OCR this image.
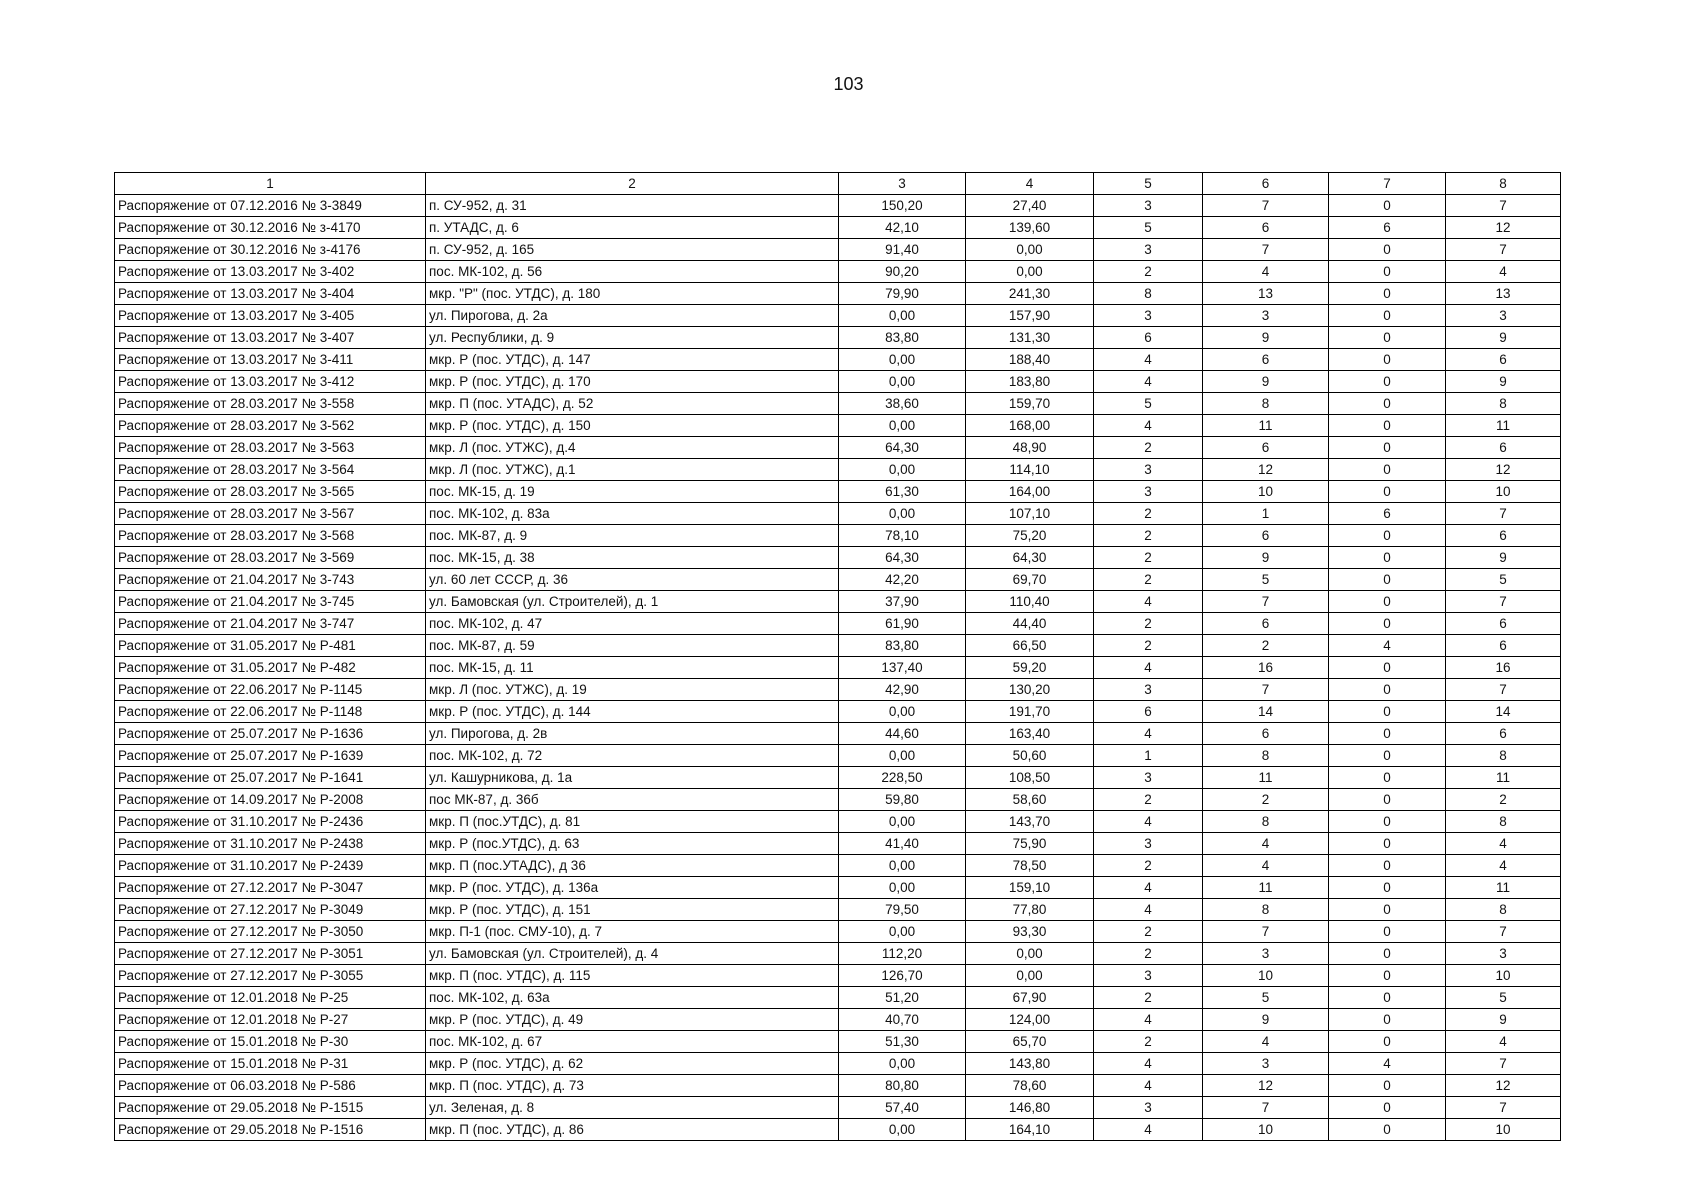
103
1	2	3	4	5	6	7	8
Распоряжение от 07.12.2016 № 3-3849	п. СУ-952, д. 31	150,20	27,40	3	7	0	7
Распоряжение от 30.12.2016 № з-4170	п. УТАДС, д. 6	42,10	139,60	5	6	6	12
Распоряжение от 30.12.2016 № з-4176	п. СУ-952, д. 165	91,40	0,00	3	7	0	7
Распоряжение от 13.03.2017 № 3-402	пос. МК-102, д. 56	90,20	0,00	2	4	0	4
Распоряжение от 13.03.2017 № 3-404	мкр. "Р" (пос. УТДС), д. 180	79,90	241,30	8	13	0	13
Распоряжение от 13.03.2017 № 3-405	ул. Пирогова, д. 2а	0,00	157,90	3	3	0	3
Распоряжение от 13.03.2017 № 3-407	ул. Республики, д. 9	83,80	131,30	6	9	0	9
Распоряжение от 13.03.2017 № 3-411	мкр. Р (пос. УТДС), д. 147	0,00	188,40	4	6	0	6
Распоряжение от 13.03.2017 № 3-412	мкр. Р (пос. УТДС), д. 170	0,00	183,80	4	9	0	9
Распоряжение от 28.03.2017 № 3-558	мкр. П (пос. УТАДС), д. 52	38,60	159,70	5	8	0	8
Распоряжение от 28.03.2017 № 3-562	мкр. Р (пос. УТДС), д. 150	0,00	168,00	4	11	0	11
Распоряжение от 28.03.2017 № 3-563	мкр. Л (пос. УТЖС), д.4	64,30	48,90	2	6	0	6
Распоряжение от 28.03.2017 № 3-564	мкр. Л (пос. УТЖС), д.1	0,00	114,10	3	12	0	12
Распоряжение от 28.03.2017 № 3-565	пос. МК-15, д. 19	61,30	164,00	3	10	0	10
Распоряжение от 28.03.2017 № 3-567	пос. МК-102, д. 83а	0,00	107,10	2	1	6	7
Распоряжение от 28.03.2017 № 3-568	пос. МК-87, д. 9	78,10	75,20	2	6	0	6
Распоряжение от 28.03.2017 № 3-569	пос. МК-15, д. 38	64,30	64,30	2	9	0	9
Распоряжение от 21.04.2017 № 3-743	ул. 60 лет СССР, д. 36	42,20	69,70	2	5	0	5
Распоряжение от 21.04.2017 № 3-745	ул. Бамовская (ул. Строителей), д. 1	37,90	110,40	4	7	0	7
Распоряжение от 21.04.2017 № 3-747	пос. МК-102, д. 47	61,90	44,40	2	6	0	6
Распоряжение от 31.05.2017 № Р-481	пос. МК-87, д. 59	83,80	66,50	2	2	4	6
Распоряжение от 31.05.2017 № Р-482	пос. МК-15, д. 11	137,40	59,20	4	16	0	16
Распоряжение от 22.06.2017 № Р-1145	мкр. Л (пос. УТЖС), д. 19	42,90	130,20	3	7	0	7
Распоряжение от 22.06.2017 № Р-1148	мкр. Р (пос. УТДС), д. 144	0,00	191,70	6	14	0	14
Распоряжение от 25.07.2017 № Р-1636	ул. Пирогова, д. 2в	44,60	163,40	4	6	0	6
Распоряжение от 25.07.2017 № Р-1639	пос. МК-102, д. 72	0,00	50,60	1	8	0	8
Распоряжение от 25.07.2017 № Р-1641	ул. Кашурникова, д. 1а	228,50	108,50	3	11	0	11
Распоряжение от 14.09.2017 № Р-2008	пос МК-87, д. 36б	59,80	58,60	2	2	0	2
Распоряжение от 31.10.2017 № Р-2436	мкр. П (пос.УТДС), д. 81	0,00	143,70	4	8	0	8
Распоряжение от 31.10.2017 № Р-2438	мкр. Р (пос.УТДС), д. 63	41,40	75,90	3	4	0	4
Распоряжение от 31.10.2017 № Р-2439	мкр. П (пос.УТАДС), д 36	0,00	78,50	2	4	0	4
Распоряжение от 27.12.2017 № Р-3047	мкр. Р (пос. УТДС), д. 136а	0,00	159,10	4	11	0	11
Распоряжение от 27.12.2017 № Р-3049	мкр. Р (пос. УТДС), д. 151	79,50	77,80	4	8	0	8
Распоряжение от 27.12.2017 № Р-3050	мкр. П-1 (пос. СМУ-10), д. 7	0,00	93,30	2	7	0	7
Распоряжение от 27.12.2017 № Р-3051	ул. Бамовская (ул. Строителей), д. 4	112,20	0,00	2	3	0	3
Распоряжение от 27.12.2017 № Р-3055	мкр. П (пос. УТДС), д. 115	126,70	0,00	3	10	0	10
Распоряжение от 12.01.2018 № Р-25	пос. МК-102, д. 63а	51,20	67,90	2	5	0	5
Распоряжение от 12.01.2018 № Р-27	мкр. Р (пос. УТДС), д. 49	40,70	124,00	4	9	0	9
Распоряжение от 15.01.2018 № Р-30	пос. МК-102, д. 67	51,30	65,70	2	4	0	4
Распоряжение от 15.01.2018 № Р-31	мкр. Р (пос. УТДС), д. 62	0,00	143,80	4	3	4	7
Распоряжение от 06.03.2018 № Р-586	мкр. П (пос. УТДС), д. 73	80,80	78,60	4	12	0	12
Распоряжение от 29.05.2018 № Р-1515	ул. Зеленая, д. 8	57,40	146,80	3	7	0	7
Распоряжение от 29.05.2018 № Р-1516	мкр. П (пос. УТДС), д. 86	0,00	164,10	4	10	0	10
